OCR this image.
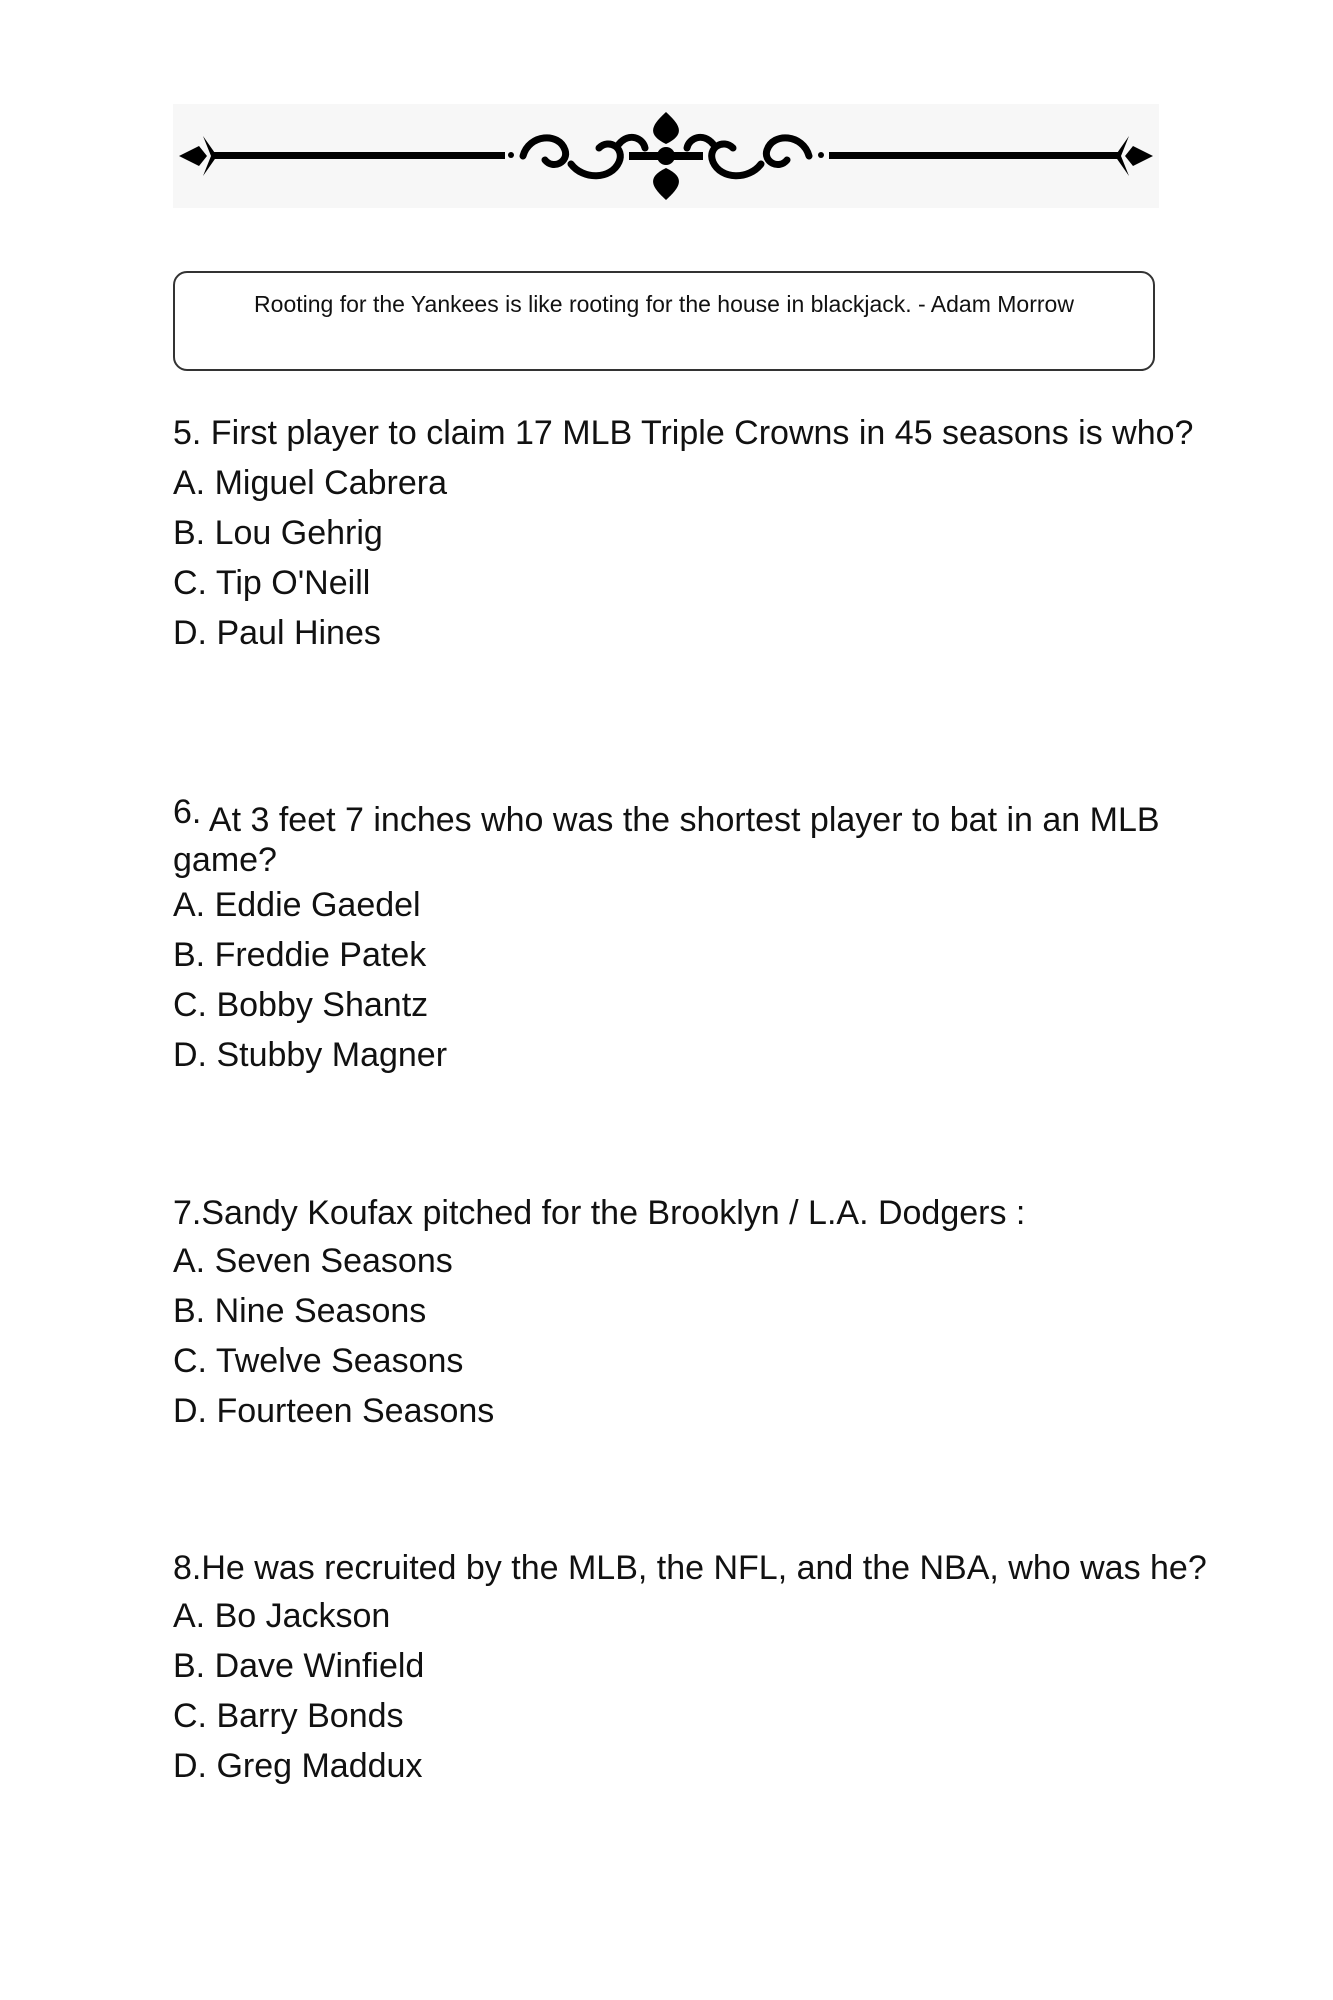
Rooting for the Yankees is like rooting for the house in blackjack. - Adam Morrow

5. First player to claim 17 MLB Triple Crowns in 45 seasons is who?

A. Miguel Cabrera
B. Lou Gehrig
C. Tip O'Neill
D. Paul Hines

6. At 3 feet 7 inches who was the shortest player to bat in an MLB game?

A. Eddie Gaedel
B. Freddie Patek
C. Bobby Shantz
D. Stubby Magner

7.Sandy Koufax pitched for the Brooklyn / L.A. Dodgers :

A. Seven Seasons
B. Nine Seasons
C. Twelve Seasons
D. Fourteen Seasons

8.He was recruited by the MLB, the NFL, and the NBA, who was he?

A. Bo Jackson
B. Dave Winfield
C. Barry Bonds
D. Greg Maddux
